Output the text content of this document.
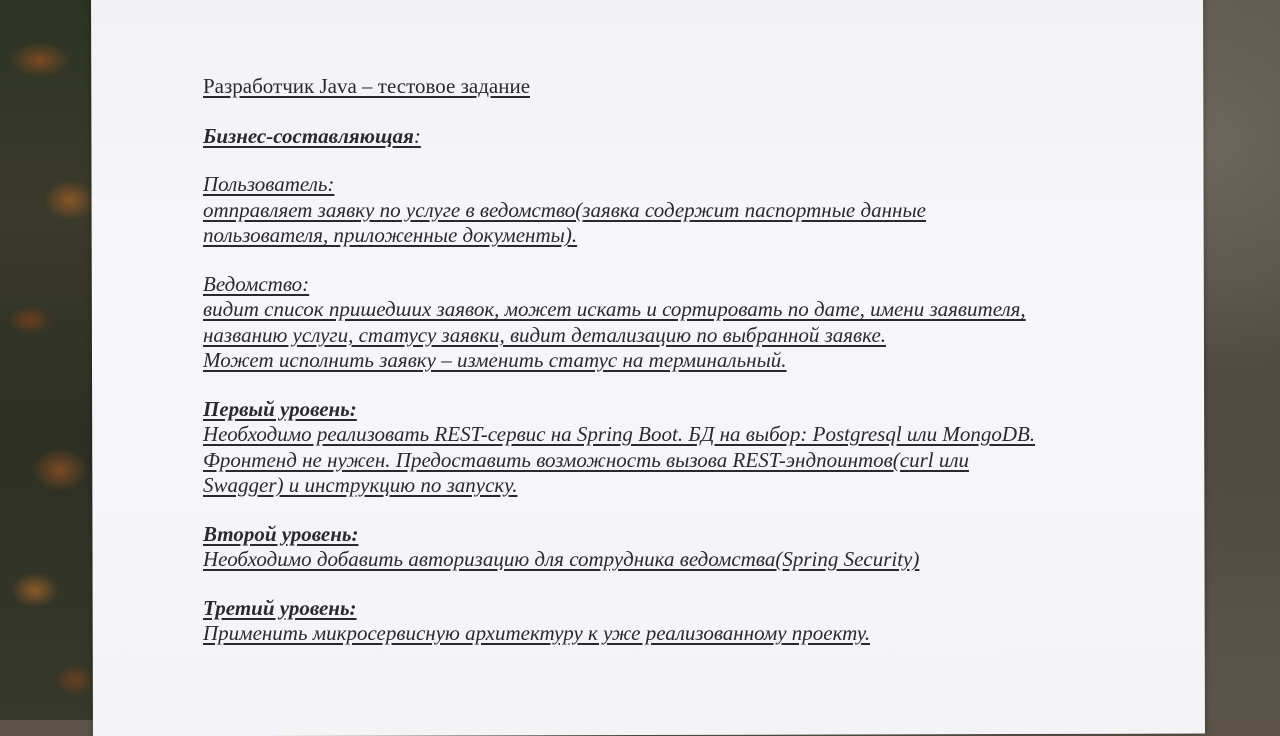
Разработчик Java – тестовое задание

Бизнес-составляющая:

Пользователь:

отправляет заявку по услуге в ведомство(заявка содержит паспортные данные

пользователя, приложенные документы).

Ведомство:

видит список пришедших заявок, может искать и сортировать по дате, имени заявителя,

названию услуги, статусу заявки, видит детализацию по выбранной заявке.

Может исполнить заявку – изменить статус на терминальный.

Первый уровень:

Необходимо реализовать REST-сервис на Spring Boot. БД на выбор: Postgresql или MongoDB.

Фронтенд не нужен. Предоставить возможность вызова REST-эндпоинтов(curl или

Swagger) и инструкцию по запуску.

Второй уровень:

Необходимо добавить авторизацию для сотрудника ведомства(Spring Security)

Третий уровень:

Применить микросервисную архитектуру к уже реализованному проекту.
